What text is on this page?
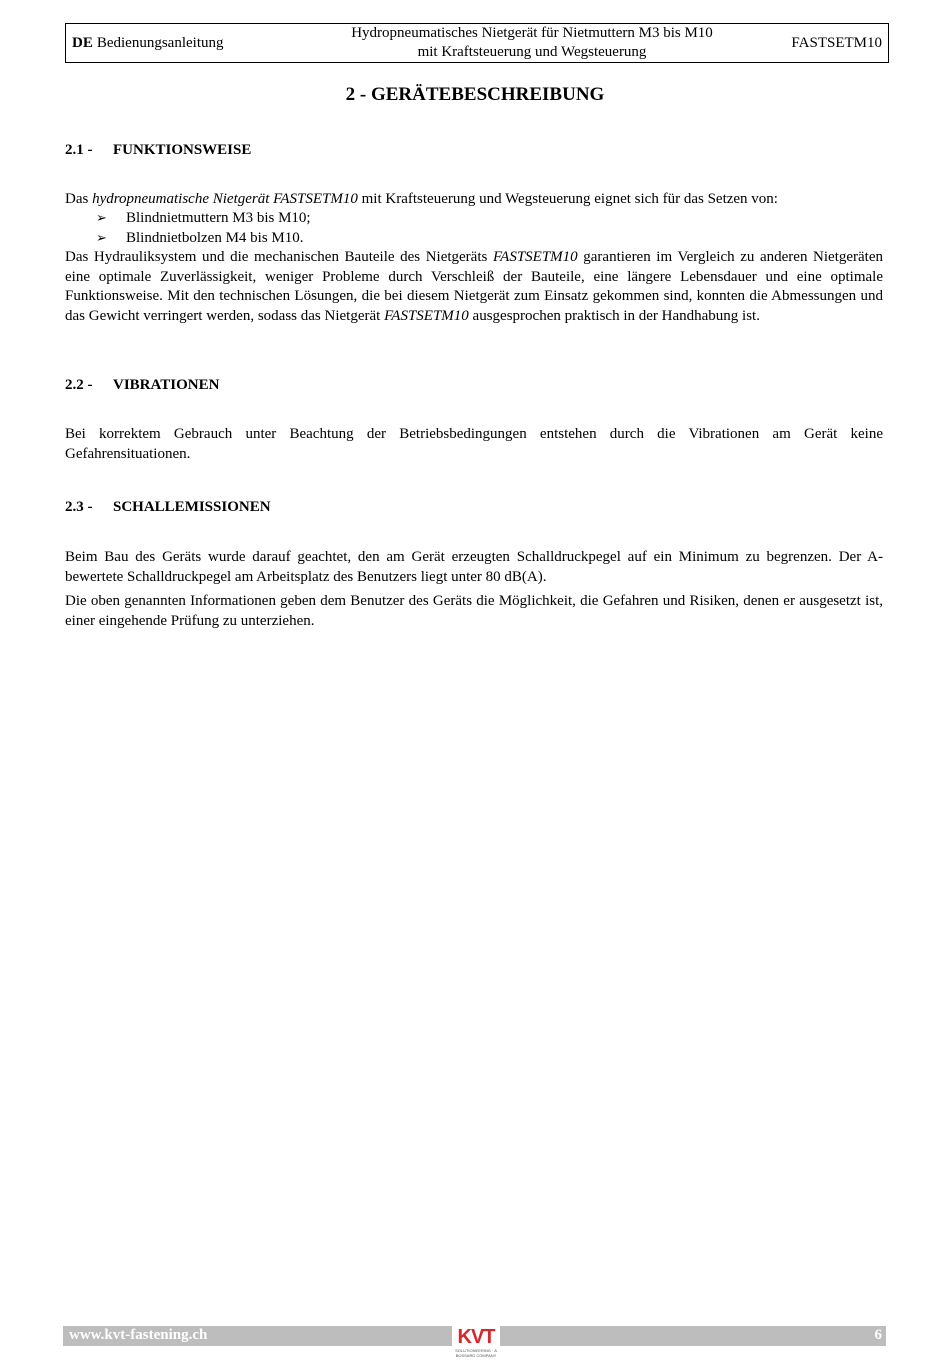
DE Bedienungsanleitung
Hydropneumatisches Nietgerät für Nietmuttern M3 bis M10
mit Kraftsteuerung und Wegsteuerung
FASTSETM10
2 - GERÄTEBESCHREIBUNG
2.1 -	FUNKTIONSWEISE

Das hydropneumatische Nietgerät FASTSETM10 mit Kraftsteuerung und Wegsteuerung eignet sich für das Setzen von:

➢	Blindnietmuttern M3 bis M10;
➢	Blindnietbolzen M4 bis M10.

Das Hydrauliksystem und die mechanischen Bauteile des Nietgeräts FASTSETM10 garantieren im Vergleich zu anderen Nietgeräten eine optimale Zuverlässigkeit, weniger Probleme durch Verschleiß der Bauteile, eine längere Lebensdauer und eine optimale Funktionsweise. Mit den technischen Lösungen, die bei diesem Nietgerät zum Einsatz gekommen sind, konnten die Abmessungen und das Gewicht verringert werden, sodass das Nietgerät FASTSETM10 ausgesprochen praktisch in der Handhabung ist.

2.2 -	VIBRATIONEN

Bei korrektem Gebrauch unter Beachtung der Betriebsbedingungen entstehen durch die Vibrationen am Gerät keine Gefahrensituationen.

2.3 -	SCHALLEMISSIONEN

Beim Bau des Geräts wurde darauf geachtet, den am Gerät erzeugten Schalldruckpegel auf ein Minimum zu begrenzen. Der A-bewertete Schalldruckpegel am Arbeitsplatz des Benutzers liegt unter 80 dB(A).

Die oben genannten Informationen geben dem Benutzer des Geräts die Möglichkeit, die Gefahren und Risiken, denen er ausgesetzt ist, einer eingehende Prüfung zu unterziehen.

www.kvt-fastening.ch	6
KVT
SOLUTIONEERING · A BOSSARD COMPANY
